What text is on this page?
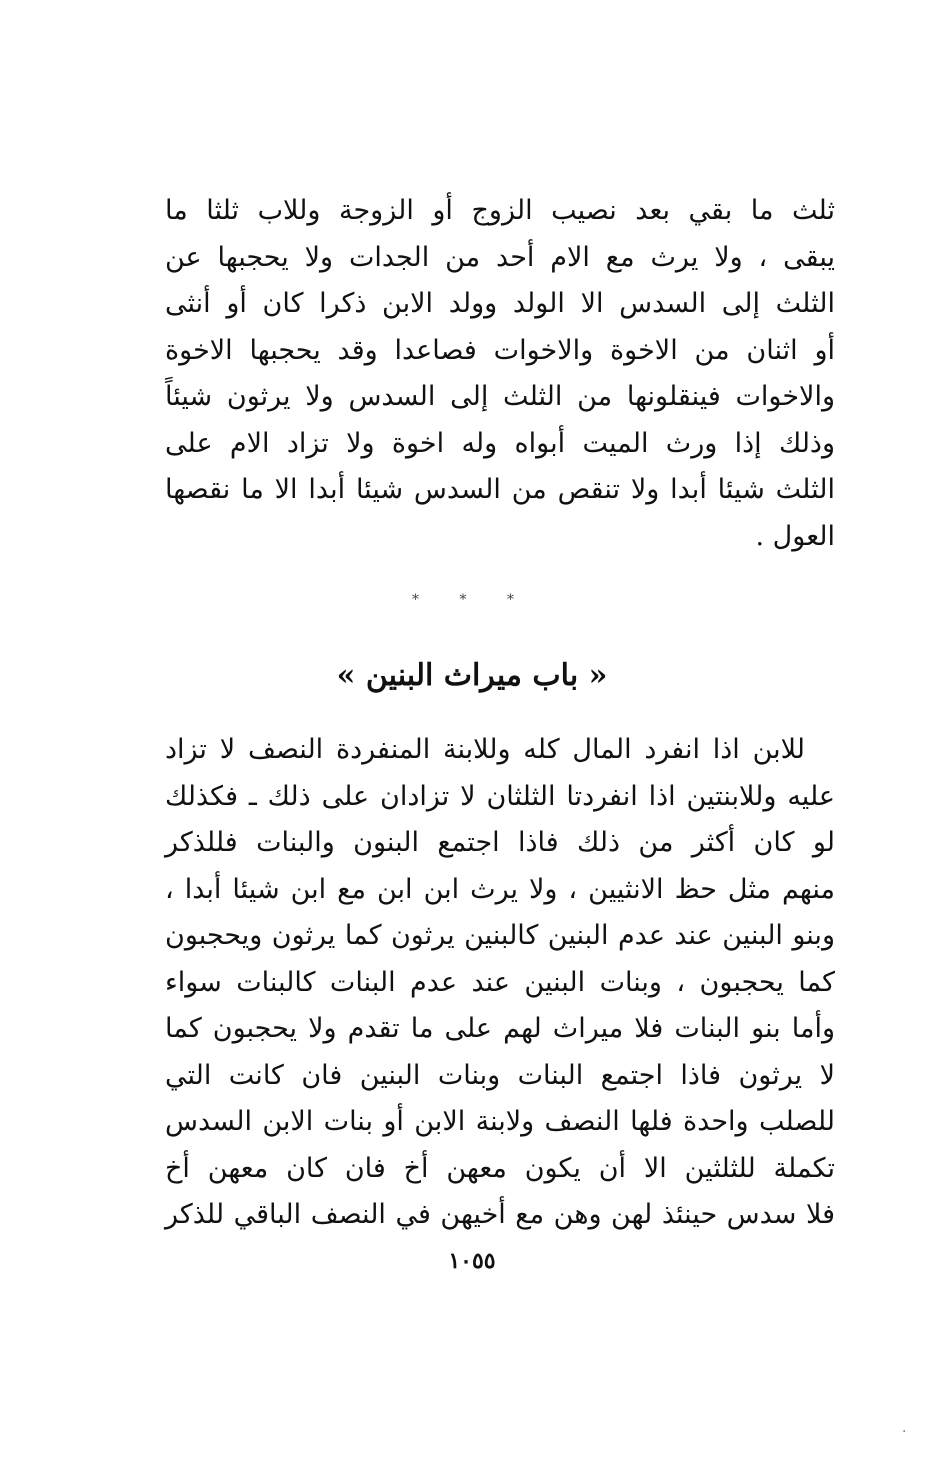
ثلث ما بقي بعد نصيب الزوج أو الزوجة وللاب ثلثا ما
يبقى ، ولا يرث مع الام أحد من الجدات ولا يحجبها عن
الثلث إلى السدس الا الولد وولد الابن ذكرا كان أو أنثى
أو اثنان من الاخوة والاخوات فصاعدا وقد يحجبها الاخوة
والاخوات فينقلونها من الثلث إلى السدس ولا يرثون شيئاً
وذلك إذا ورث الميت أبواه وله اخوة ولا تزاد الام على
الثلث شيئا أبدا ولا تنقص من السدس شيئا أبدا الا ما نقصها
العول .
* * *
« باب ميراث البنين »
للابن اذا انفرد المال كله وللابنة المنفردة النصف لا تزاد
عليه وللابنتين اذا انفردتا الثلثان لا تزادان على ذلك ـ فكذلك
لو كان أكثر من ذلك فاذا اجتمع البنون والبنات فللذكر
منهم مثل حظ الانثيين ، ولا يرث ابن ابن مع ابن شيئا أبدا ،
وبنو البنين عند عدم البنين كالبنين يرثون كما يرثون ويحجبون
كما يحجبون ، وبنات البنين عند عدم البنات كالبنات سواء
وأما بنو البنات فلا ميراث لهم على ما تقدم ولا يحجبون كما
لا يرثون فاذا اجتمع البنات وبنات البنين فان كانت التي
للصلب واحدة فلها النصف ولابنة الابن أو بنات الابن السدس
تكملة للثلثين الا أن يكون معهن أخ فان كان معهن أخ
فلا سدس حينئذ لهن وهن مع أخيهن في النصف الباقي للذكر
١٠٥٥
·
